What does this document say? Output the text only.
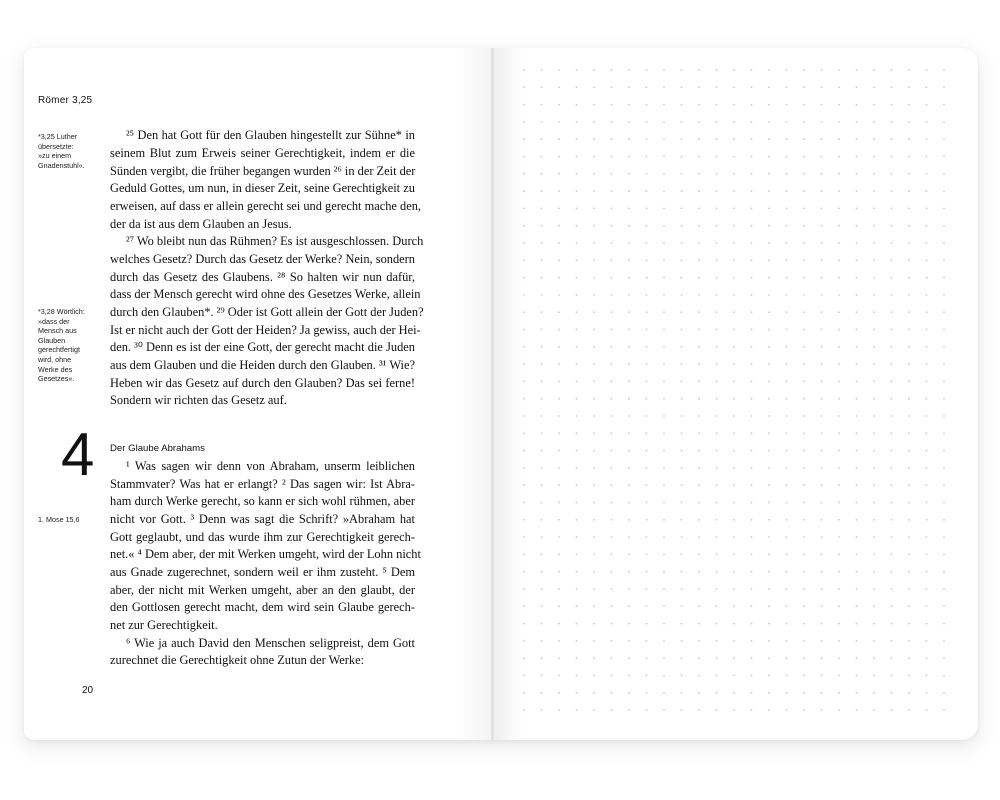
Römer 3,25
*3,25 Luther
übersetzte:
»zu einem
Gnadenstuhl«.
*3,28 Wörtlich:
»dass der
Mensch aus
Glauben
gerechtfertigt
wird, ohne
Werke des
Gesetzes«.
1. Mose 15,6
²⁵ Den hat Gott für den Glauben hingestellt zur Sühne* in
seinem Blut zum Erweis seiner Gerechtigkeit, indem er die
Sünden vergibt, die früher begangen wurden ²⁶ in der Zeit der
Geduld Gottes, um nun, in dieser Zeit, seine Gerechtigkeit zu
erweisen, auf dass er allein gerecht sei und gerecht mache den,
der da ist aus dem Glauben an Jesus.
²⁷ Wo bleibt nun das Rühmen? Es ist ausgeschlossen. Durch
welches Gesetz? Durch das Gesetz der Werke? Nein, sondern
durch das Gesetz des Glaubens. ²⁸ So halten wir nun dafür,
dass der Mensch gerecht wird ohne des Gesetzes Werke, allein
durch den Glauben*. ²⁹ Oder ist Gott allein der Gott der Juden?
Ist er nicht auch der Gott der Heiden? Ja gewiss, auch der Hei-
den. ³⁰ Denn es ist der eine Gott, der gerecht macht die Juden
aus dem Glauben und die Heiden durch den Glauben. ³¹ Wie?
Heben wir das Gesetz auf durch den Glauben? Das sei ferne!
Sondern wir richten das Gesetz auf.
4 Der Glaube Abrahams
¹ Was sagen wir denn von Abraham, unserm leiblichen
Stammvater? Was hat er erlangt? ² Das sagen wir: Ist Abra-
ham durch Werke gerecht, so kann er sich wohl rühmen, aber
nicht vor Gott. ³ Denn was sagt die Schrift? »Abraham hat
Gott geglaubt, und das wurde ihm zur Gerechtigkeit gerech-
net.« ⁴ Dem aber, der mit Werken umgeht, wird der Lohn nicht
aus Gnade zugerechnet, sondern weil er ihm zusteht. ⁵ Dem
aber, der nicht mit Werken umgeht, aber an den glaubt, der
den Gottlosen gerecht macht, dem wird sein Glaube gerech-
net zur Gerechtigkeit.
⁶ Wie ja auch David den Menschen seligpreist, dem Gott
zurechnet die Gerechtigkeit ohne Zutun der Werke:
20
